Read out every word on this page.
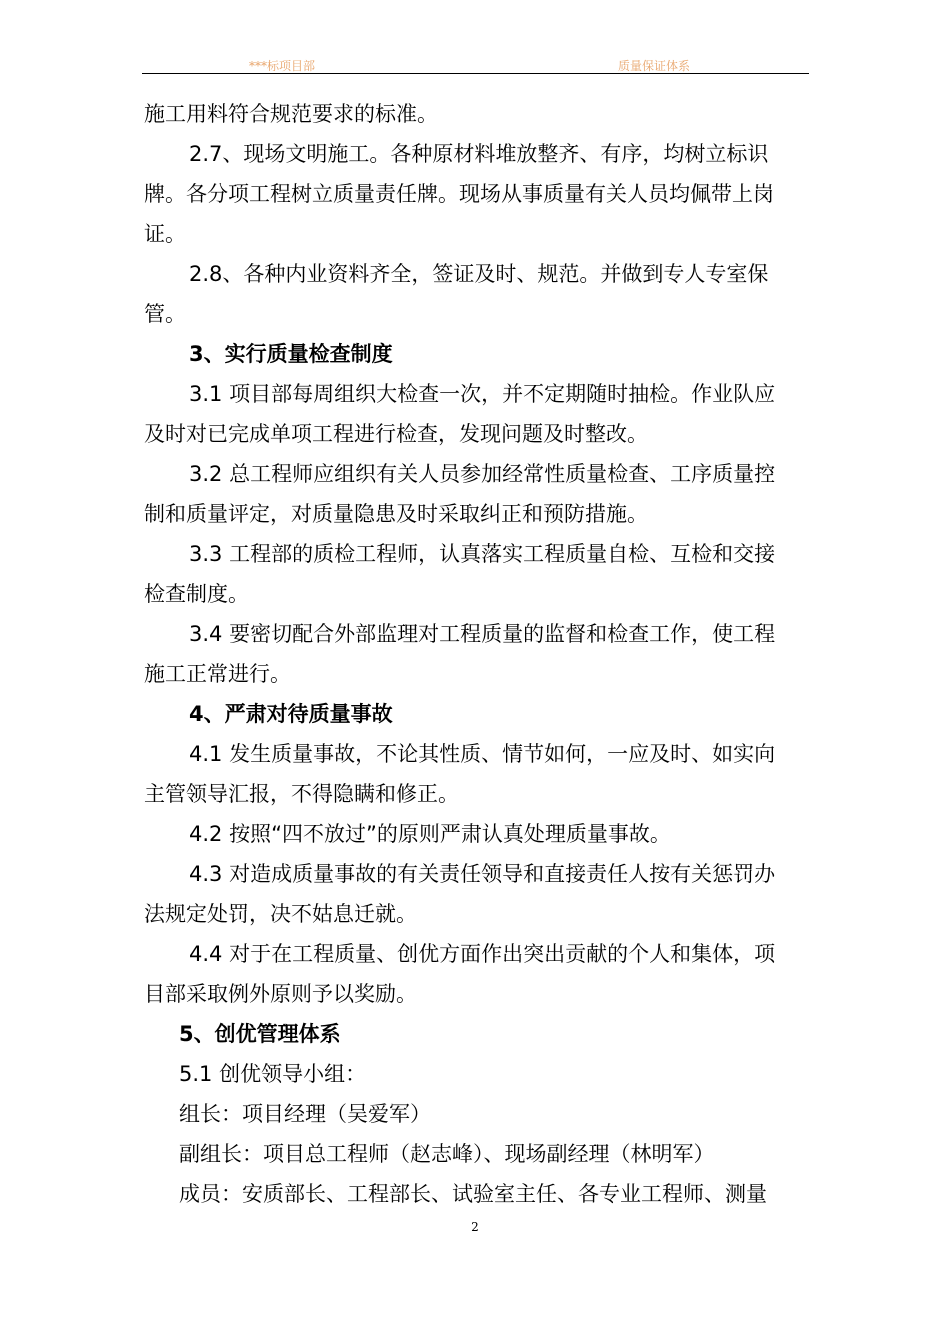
***标项目部	质量保证体系
施工用料符合规范要求的标准。
2.7、现场文明施工。各种原材料堆放整齐、有序，均树立标识
牌。各分项工程树立质量责任牌。现场从事质量有关人员均佩带上岗
证。
2.8、各种内业资料齐全，签证及时、规范。并做到专人专室保
管。
3、实行质量检查制度
3.1 项目部每周组织大检查一次，并不定期随时抽检。作业队应
及时对已完成单项工程进行检查，发现问题及时整改。
3.2 总工程师应组织有关人员参加经常性质量检查、工序质量控
制和质量评定，对质量隐患及时采取纠正和预防措施。
3.3 工程部的质检工程师，认真落实工程质量自检、互检和交接
检查制度。
3.4 要密切配合外部监理对工程质量的监督和检查工作，使工程
施工正常进行。
4、严肃对待质量事故
4.1 发生质量事故，不论其性质、情节如何，一应及时、如实向
主管领导汇报，不得隐瞒和修正。
4.2 按照“四不放过”的原则严肃认真处理质量事故。
4.3 对造成质量事故的有关责任领导和直接责任人按有关惩罚办
法规定处罚，决不姑息迁就。
4.4 对于在工程质量、创优方面作出突出贡献的个人和集体，项
目部采取例外原则予以奖励。
5、创优管理体系
5.1 创优领导小组：
组长：项目经理（吴爱军）
副组长：项目总工程师（赵志峰）、现场副经理（林明军）
成员：安质部长、工程部长、试验室主任、各专业工程师、测量
2
